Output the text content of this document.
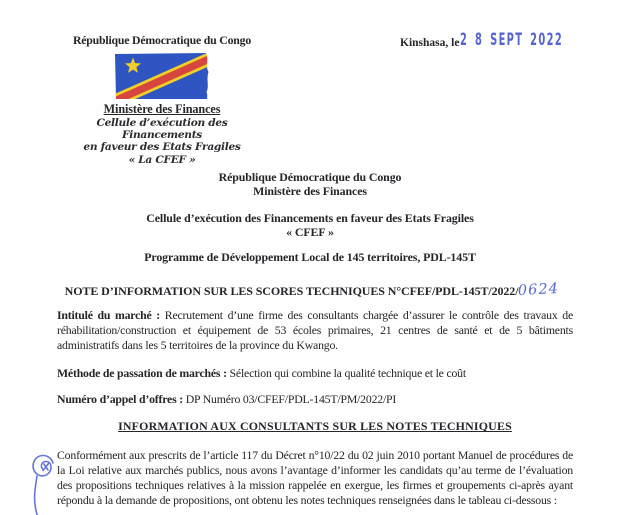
République Démocratique du Congo
Ministère des Finances
Cellule d’exécution des Financements
en faveur des Etats Fragiles
« La CFEF »
Kinshasa, le 2 8 SEPT 2022
République Démocratique du Congo
Ministère des Finances
Cellule d’exécution des Financements en faveur des Etats Fragiles
« CFEF »
Programme de Développement Local de 145 territoires, PDL-145T
NOTE D’INFORMATION SUR LES SCORES TECHNIQUES N°CFEF/PDL-145T/2022/0624

Intitulé du marché : Recrutement d’une firme des consultants chargée d’assurer le contrôle des travaux de réhabilitation/construction et équipement de 53 écoles primaires, 21 centres de santé et de 5 bâtiments administratifs dans les 5 territoires de la province du Kwango.

Méthode de passation de marchés : Sélection qui combine la qualité technique et le coût

Numéro d’appel d’offres : DP Numéro 03/CFEF/PDL-145T/PM/2022/PI

INFORMATION AUX CONSULTANTS SUR LES NOTES TECHNIQUES

Conformément aux prescrits de l’article 117 du Décret n°10/22 du 02 juin 2010 portant Manuel de procédures de la Loi relative aux marchés publics, nous avons l’avantage d’informer les candidats qu’au terme de l’évaluation des propositions techniques relatives à la mission rappelée en exergue, les firmes et groupements ci-après ayant répondu à la demande de propositions, ont obtenu les notes techniques renseignées dans le tableau ci-dessous :
